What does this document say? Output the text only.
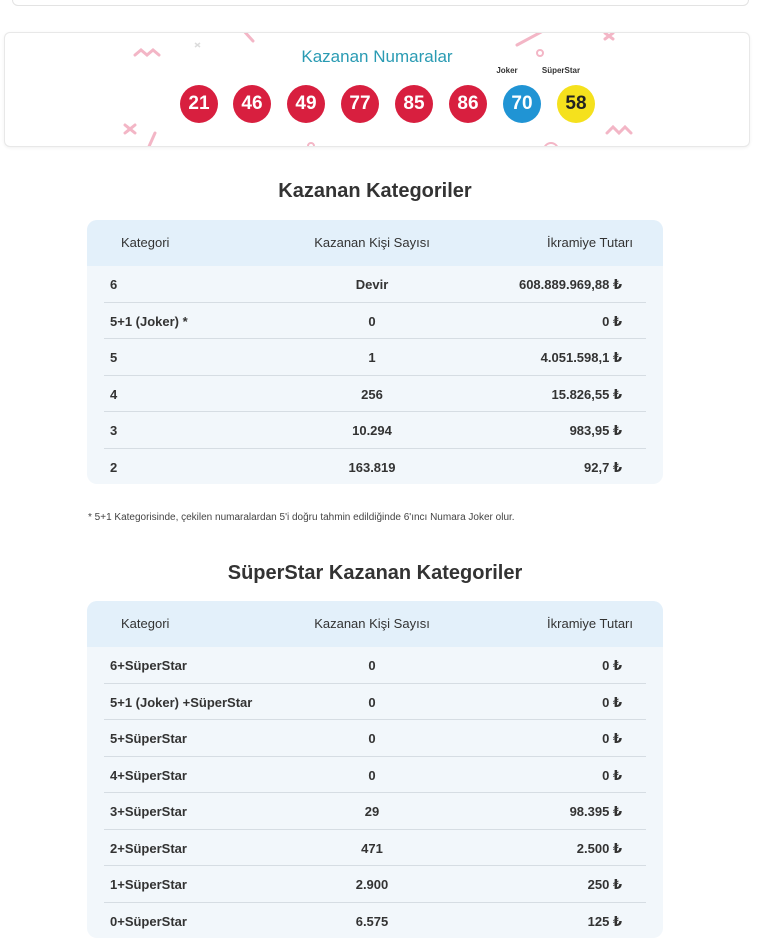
Kazanan Numaralar
21	46	49	77	85	86
Joker
70
SüperStar
58
Kazanan Kategoriler
Kategori	Kazanan Kişi Sayısı	İkramiye Tutarı
6	Devir	608.889.969,88 ₺
5+1 (Joker) *	0	0 ₺
5	1	4.051.598,1 ₺
4	256	15.826,55 ₺
3	10.294	983,95 ₺
2	163.819	92,7 ₺
* 5+1 Kategorisinde, çekilen numaralardan 5'i doğru tahmin edildiğinde 6'ıncı Numara Joker olur.
SüperStar Kazanan Kategoriler
Kategori	Kazanan Kişi Sayısı	İkramiye Tutarı
6+SüperStar	0	0 ₺
5+1 (Joker) +SüperStar	0	0 ₺
5+SüperStar	0	0 ₺
4+SüperStar	0	0 ₺
3+SüperStar	29	98.395 ₺
2+SüperStar	471	2.500 ₺
1+SüperStar	2.900	250 ₺
0+SüperStar	6.575	125 ₺
